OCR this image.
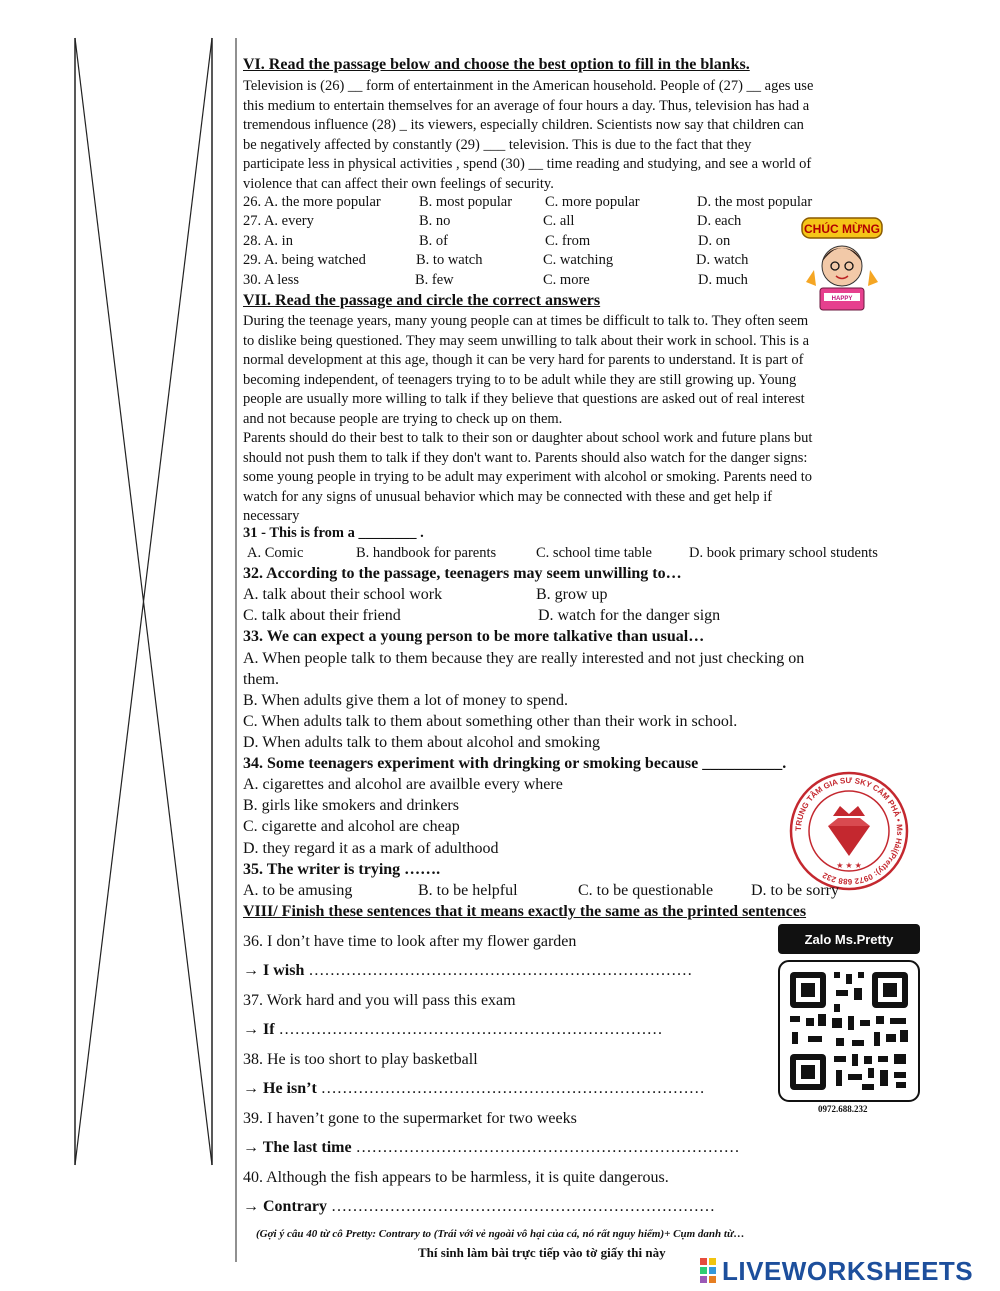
VI. Read the passage below and choose the best option to fill in the blanks.
Television is (26) __ form of entertainment in the American household. People of (27) __ ages use
this medium to entertain themselves for an average of four hours a day. Thus, television has had a
tremendous influence (28) _ its viewers, especially children. Scientists now say that children can
be negatively affected by constantly (29) ___ television. This is due to the fact that they
participate less in physical activities , spend (30) __ time reading and studying, and see a world of
violence that can affect their own feelings of security.
26. A. the more popular	B. most popular C. more popular	D. the most popular
27. A. every	B. no	C. all	D. each
28. A. in	B. of	C. from	D. on
29. A. being watched	B. to watch	C. watching	D. watch
30. A less	B. few	C. more	D. much
CHÚC MỪNG
HAPPY
VII. Read the passage and circle the correct answers
During the teenage years, many young people can at times be difficult to talk to. They often seem
to dislike being questioned. They may seem unwilling to talk about their work in school. This is a
normal development at this age, though it can be very hard for parents to understand. It is part of
becoming independent, of teenagers trying to to be adult while they are still growing up. Young
people are usually more willing to talk if they believe that questions are asked out of real interest
and not because people are trying to check up on them.
Parents should do their best to talk to their son or daughter about school work and future plans but
should not push them to talk if they don't want to. Parents should also watch for the danger signs:
some young people in trying to be adult may experiment with alcohol or smoking. Parents need to
watch for any signs of unusual behavior which may be connected with these and get help if
necessary
31 - This is from a ________ .
A. Comic	B. handbook for parents	C. school time table	D. book primary school students
32. According to the passage, teenagers may seem unwilling to…
A. talk about their school work	B. grow up
C. talk about their friend	D. watch for the danger sign
33. We can expect a young person to be more talkative than usual…
A. When people talk to them because they are really interested and not just checking on
them.
B. When adults give them a lot of money to spend.
C. When adults talk to them about something other than their work in school.
D. When adults talk to them about alcohol and smoking
34. Some teenagers experiment with dringking or smoking because __________.
A. cigarettes and alcohol are availble every where
B. girls like smokers and drinkers
C. cigarette and alcohol are cheap
D. they regard it as a mark of adulthood
TRUNG TÂM GIA SƯ SKY CẨM PHẢ • Ms Hải(Pretty): 0972 688 232
★ ★ ★
35. The writer is trying …….
A. to be amusing	B. to be helpful	C. to be questionable D. to be sorry
VIII/ Finish these sentences that it means exactly the same as the printed sentences
36. I don’t have time to look after my flower garden
→ I wish ………………………………………………………………
37. Work hard and you will pass this exam
→ If ………………………………………………………………
38. He is too short to play basketball
→ He isn’t ………………………………………………………………
39. I haven’t gone to the supermarket for two weeks
→ The last time ………………………………………………………………
40. Although the fish appears to be harmless, it is quite dangerous.
→ Contrary ………………………………………………………………
Zalo Ms.Pretty
0972.688.232
(Gợi ý câu 40 từ cô Pretty: Contrary to (Trái với vẻ ngoài vô hại của cá, nó rất nguy hiểm)+ Cụm danh từ…
Thí sinh làm bài trực tiếp vào tờ giấy thi này
LIVEWORKSHEETS
